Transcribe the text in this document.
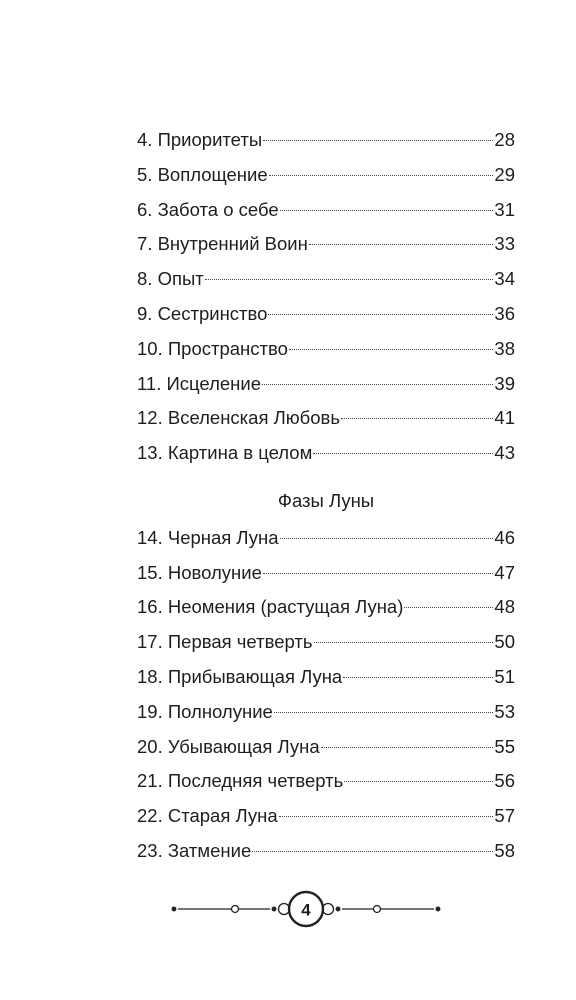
4. Приоритеты	28
5. Воплощение	29
6. Забота о себе	31
7. Внутренний Воин	33
8. Опыт	34
9. Сестринство	36
10. Пространство	38
11. Исцеление	39
12. Вселенская Любовь	41
13. Картина в целом	43
Фазы Луны
14. Черная Луна	46
15. Новолуние	47
16. Неомения (растущая Луна)	48
17. Первая четверть	50
18. Прибывающая Луна	51
19. Полнолуние	53
20. Убывающая Луна	55
21. Последняя четверть	56
22. Старая Луна	57
23. Затмение	58
4
